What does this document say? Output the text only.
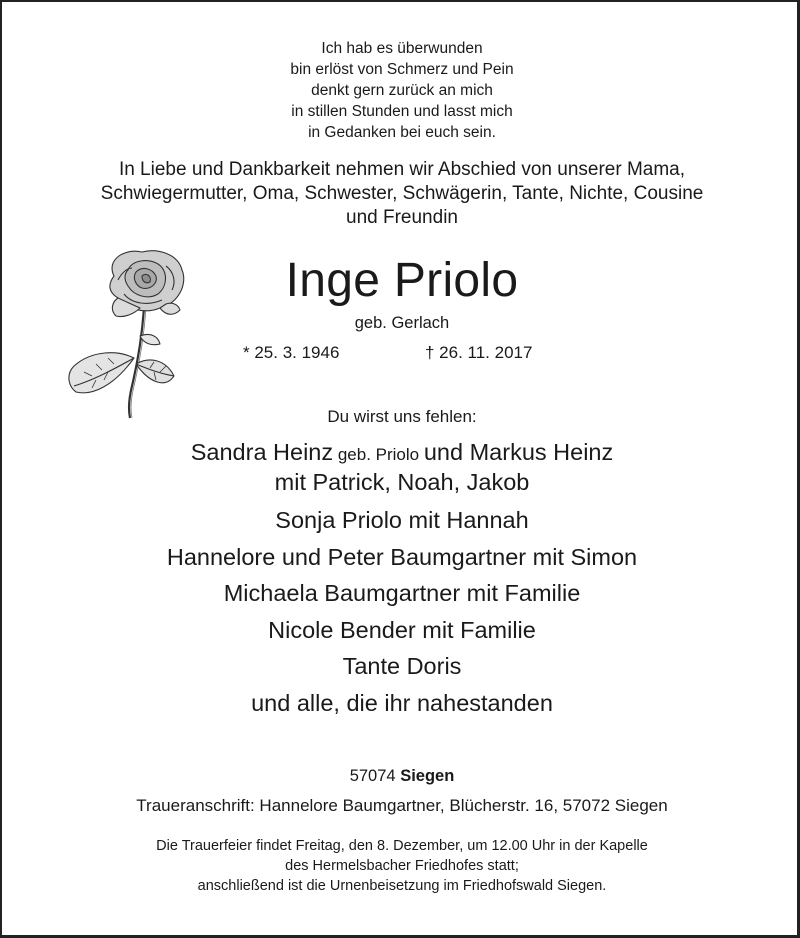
Ich hab es überwunden
bin erlöst von Schmerz und Pein
denkt gern zurück an mich
in stillen Stunden und lasst mich
in Gedanken bei euch sein.
In Liebe und Dankbarkeit nehmen wir Abschied von unserer Mama,
Schwiegermutter, Oma, Schwester, Schwägerin, Tante, Nichte, Cousine
und Freundin
Inge Priolo
geb. Gerlach
* 25. 3. 1946	† 26. 11. 2017
Du wirst uns fehlen:
Sandra Heinz geb. Priolo und Markus Heinz
mit Patrick, Noah, Jakob
Sonja Priolo mit Hannah
Hannelore und Peter Baumgartner mit Simon
Michaela Baumgartner mit Familie
Nicole Bender mit Familie
Tante Doris
und alle, die ihr nahestanden
57074 Siegen
Traueranschrift: Hannelore Baumgartner, Blücherstr. 16, 57072 Siegen
Die Trauerfeier findet Freitag, den 8. Dezember, um 12.00 Uhr in der Kapelle
des Hermelsbacher Friedhofes statt;
anschließend ist die Urnenbeisetzung im Friedhofswald Siegen.
